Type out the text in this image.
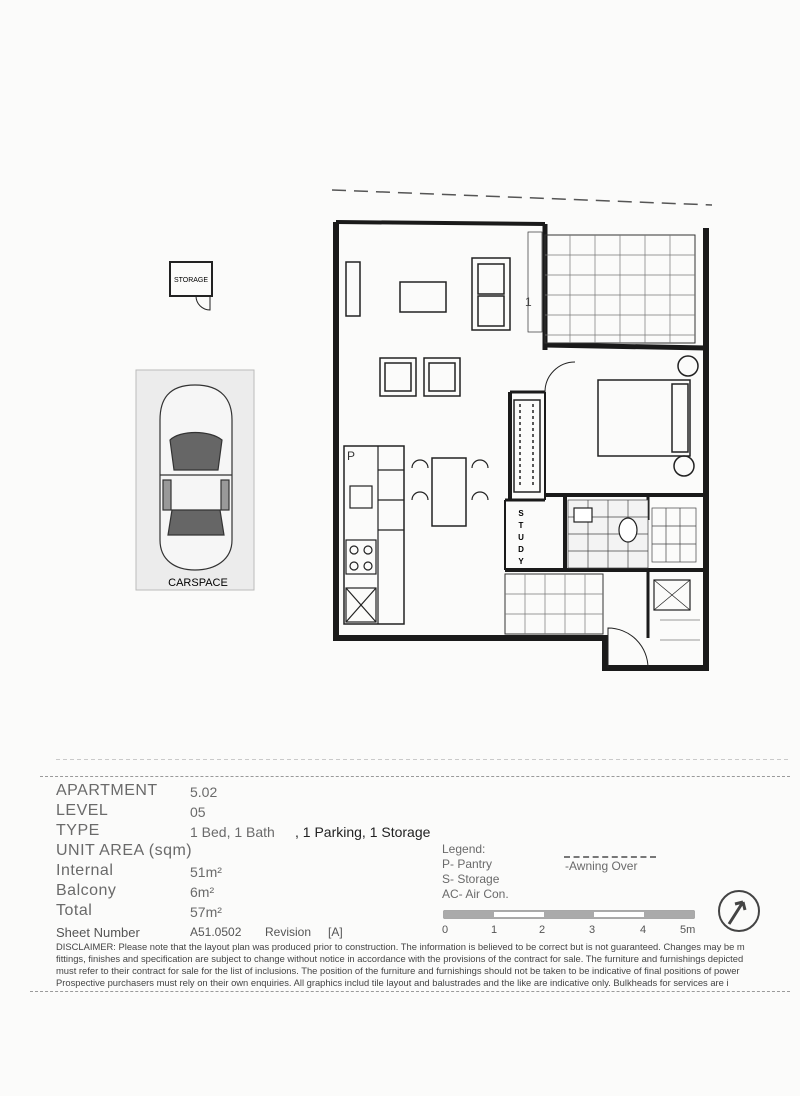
STORAGE
CARSPACE
1
P
S
T
U
D
Y
APARTMENT 5.02
LEVEL	05
TYPE	1 Bed, 1 Bath , 1 Parking, 1 Storage
UNIT AREA (sqm)
Internal	51m²
Balcony	6m²
Total	57m²
Sheet Number	A51.0502 Revision [A]
Legend:
P- Pantry
S- Storage
AC- Air Con.
-Awning Over
0	1	2	3	4	5m
DISCLAIMER: Please note that the layout plan was produced prior to construction. The information is believed to be correct but is not guaranteed. Changes may be m
fittings, finishes and specification are subject to change without notice in accordance with the provisions of the contract for sale. The furniture and furnishings depicted
must refer to their contract for sale for the list of inclusions. The position of the furniture and furnishings should not be taken to be indicative of final positions of power
Prospective purchasers must rely on their own enquiries. All graphics includ tile layout and balustrades and the like are indicative only. Bulkheads for services are i
